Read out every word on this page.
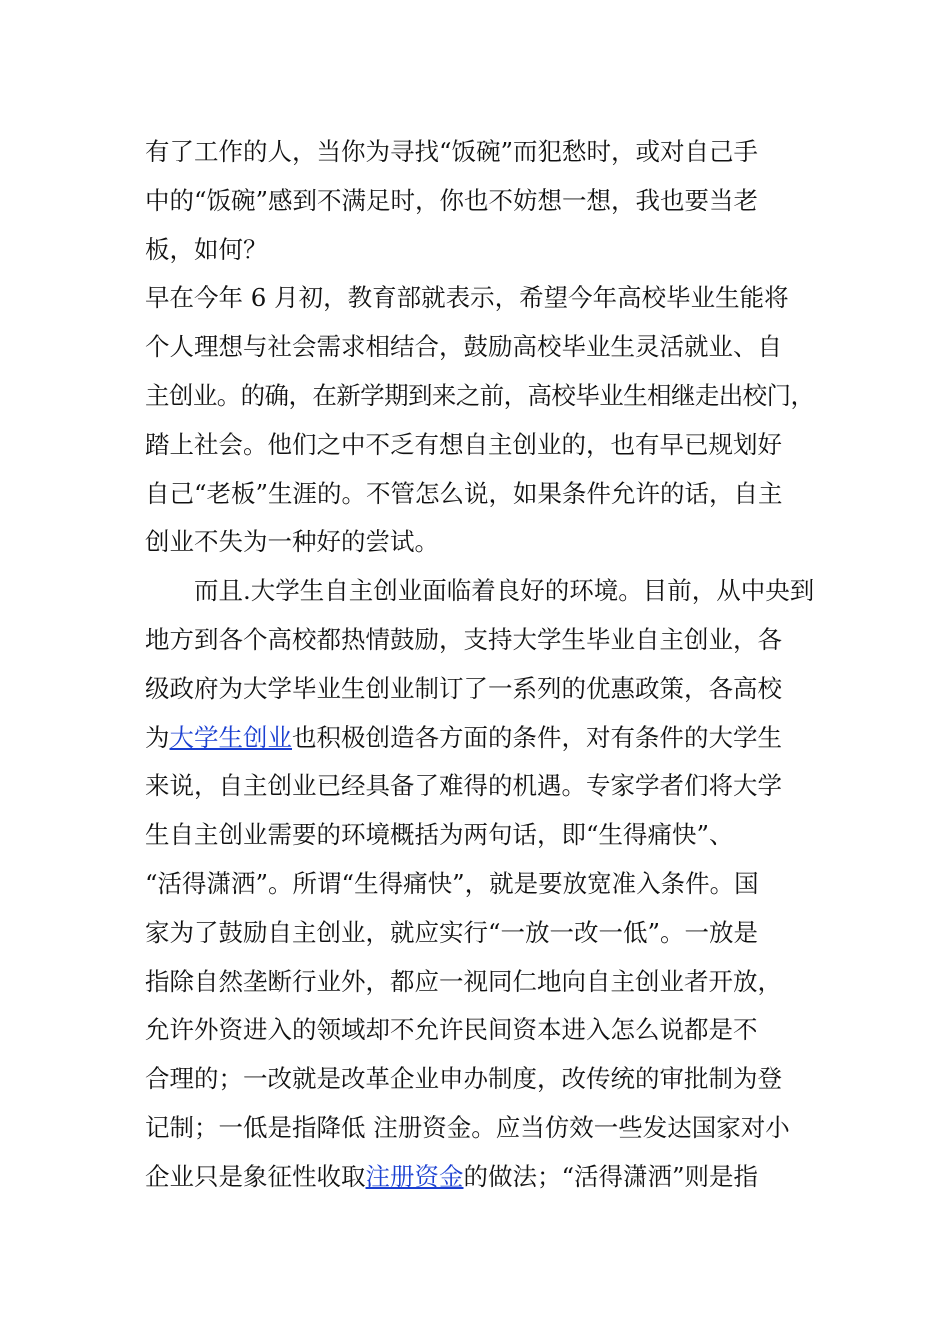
有了工作的人，当你为寻找“饭碗”而犯愁时，或对自己手
中的“饭碗”感到不满足时，你也不妨想一想，我也要当老
板，如何？
早在今年 6 月初，教育部就表示，希望今年高校毕业生能将
个人理想与社会需求相结合，鼓励高校毕业生灵活就业、自
主创业。的确，在新学期到来之前，高校毕业生相继走出校门，
踏上社会。他们之中不乏有想自主创业的，也有早已规划好
自己“老板”生涯的。不管怎么说，如果条件允许的话，自主
创业不失为一种好的尝试。
而且.大学生自主创业面临着良好的环境。目前，从中央到
地方到各个高校都热情鼓励，支持大学生毕业自主创业，各
级政府为大学毕业生创业制订了一系列的优惠政策，各高校
为大学生创业也积极创造各方面的条件，对有条件的大学生
来说，自主创业已经具备了难得的机遇。专家学者们将大学
生自主创业需要的环境概括为两句话，即“生得痛快”、
“活得潇洒”。所谓“生得痛快”，就是要放宽准入条件。国
家为了鼓励自主创业，就应实行“一放一改一低”。一放是
指除自然垄断行业外，都应一视同仁地向自主创业者开放，
允许外资进入的领域却不允许民间资本进入怎么说都是不
合理的；一改就是改革企业申办制度，改传统的审批制为登
记制；一低是指降低 注册资金。应当仿效一些发达国家对小
企业只是象征性收取注册资金的做法；“活得潇洒”则是指
